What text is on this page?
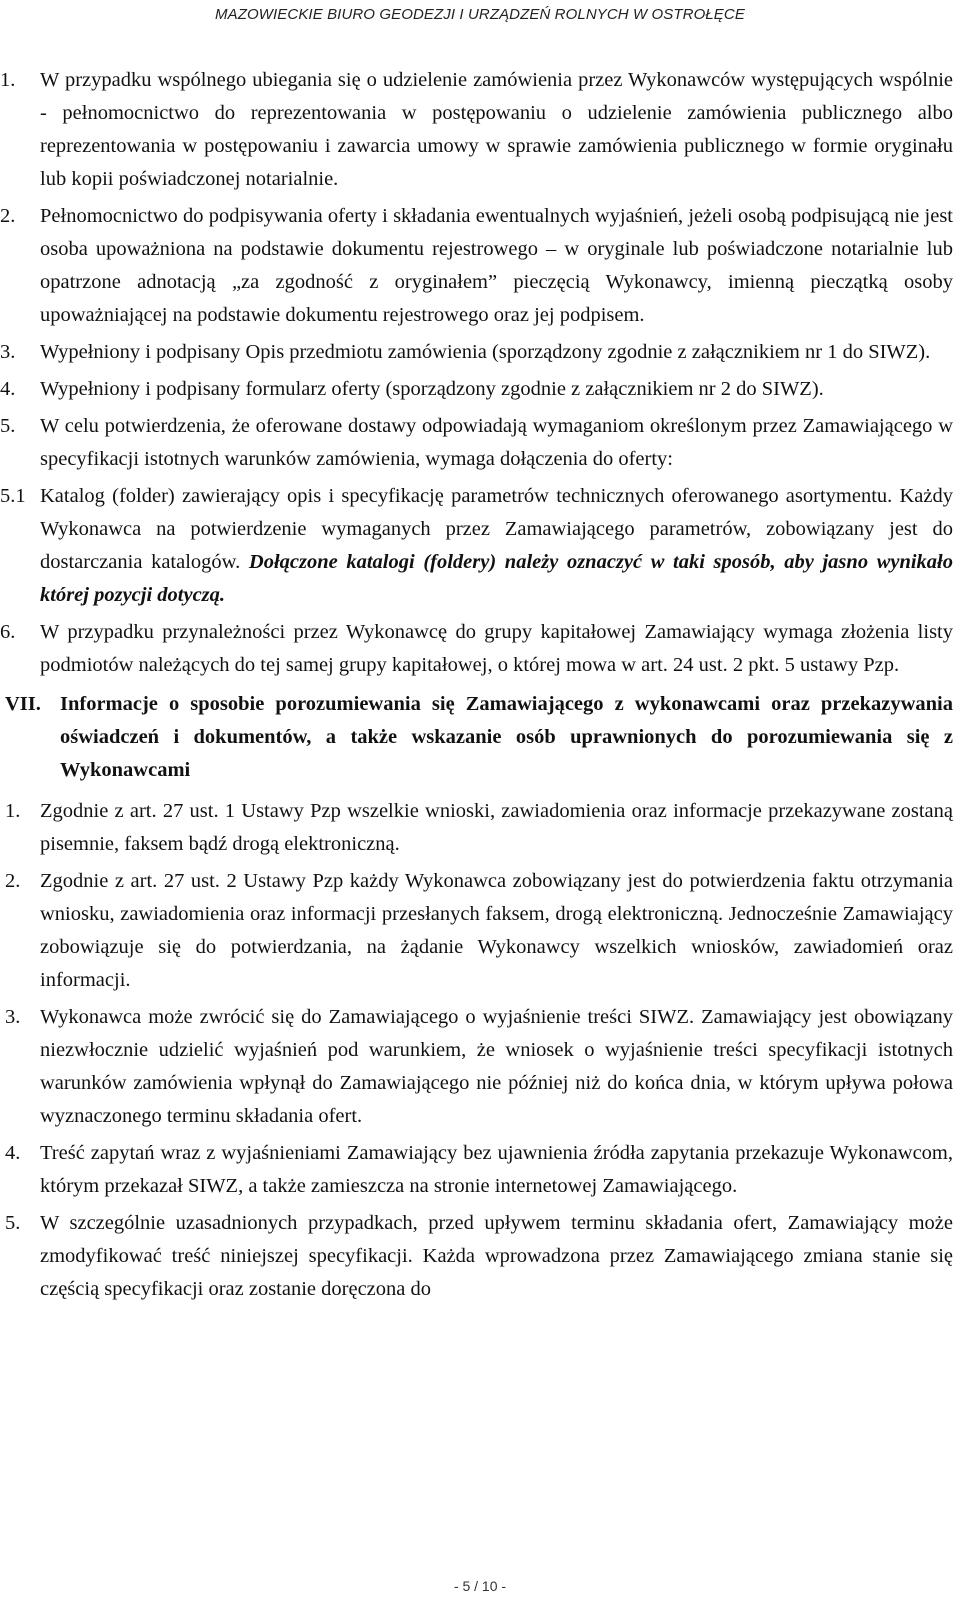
MAZOWIECKIE BIURO GEODEZJI I URZĄDZEŃ ROLNYCH W OSTROŁĘCE
1. W przypadku wspólnego ubiegania się o udzielenie zamówienia przez Wykonawców występujących wspólnie - pełnomocnictwo do reprezentowania w postępowaniu o udzielenie zamówienia publicznego albo reprezentowania w postępowaniu i zawarcia umowy w sprawie zamówienia publicznego w formie oryginału lub kopii poświadczonej notarialnie.
2. Pełnomocnictwo do podpisywania oferty i składania ewentualnych wyjaśnień, jeżeli osobą podpisującą nie jest osoba upoważniona na podstawie dokumentu rejestrowego – w oryginale lub poświadczone notarialnie lub opatrzone adnotacją „za zgodność z oryginałem” pieczęcią Wykonawcy, imienną pieczątką osoby upoważniającej na podstawie dokumentu rejestrowego oraz jej podpisem.
3. Wypełniony i podpisany Opis przedmiotu zamówienia (sporządzony zgodnie z załącznikiem nr 1 do SIWZ).
4. Wypełniony i podpisany formularz oferty (sporządzony zgodnie z załącznikiem nr 2 do SIWZ).
5. W celu potwierdzenia, że oferowane dostawy odpowiadają wymaganiom określonym przez Zamawiającego w specyfikacji istotnych warunków zamówienia, wymaga dołączenia do oferty:
5.1 Katalog (folder) zawierający opis i specyfikację parametrów technicznych oferowanego asortymentu. Każdy Wykonawca na potwierdzenie wymaganych przez Zamawiającego parametrów, zobowiązany jest do dostarczania katalogów. Dołączone katalogi (foldery) należy oznaczyć w taki sposób, aby jasno wynikało której pozycji dotyczą.
6. W przypadku przynależności przez Wykonawcę do grupy kapitałowej Zamawiający wymaga złożenia listy podmiotów należących do tej samej grupy kapitałowej, o której mowa w art. 24 ust. 2 pkt. 5 ustawy Pzp.
VII. Informacje o sposobie porozumiewania się Zamawiającego z wykonawcami oraz przekazywania oświadczeń i dokumentów, a także wskazanie osób uprawnionych do porozumiewania się z Wykonawcami
1. Zgodnie z art. 27 ust. 1 Ustawy Pzp wszelkie wnioski, zawiadomienia oraz informacje przekazywane zostaną pisemnie, faksem bądź drogą elektroniczną.
2. Zgodnie z art. 27 ust. 2 Ustawy Pzp każdy Wykonawca zobowiązany jest do potwierdzenia faktu otrzymania wniosku, zawiadomienia oraz informacji przesłanych faksem, drogą elektroniczną. Jednocześnie Zamawiający zobowiązuje się do potwierdzania, na żądanie Wykonawcy wszelkich wniosków, zawiadomień oraz informacji.
3. Wykonawca może zwrócić się do Zamawiającego o wyjaśnienie treści SIWZ. Zamawiający jest obowiązany niezwłocznie udzielić wyjaśnień pod warunkiem, że wniosek o wyjaśnienie treści specyfikacji istotnych warunków zamówienia wpłynął do Zamawiającego nie później niż do końca dnia, w którym upływa połowa wyznaczonego terminu składania ofert.
4. Treść zapytań wraz z wyjaśnieniami Zamawiający bez ujawnienia źródła zapytania przekazuje Wykonawcom, którym przekazał SIWZ, a także zamieszcza na stronie internetowej Zamawiającego.
5. W szczególnie uzasadnionych przypadkach, przed upływem terminu składania ofert, Zamawiający może zmodyfikować treść niniejszej specyfikacji. Każda wprowadzona przez Zamawiającego zmiana stanie się częścią specyfikacji oraz zostanie doręczona do
- 5 / 10 -
